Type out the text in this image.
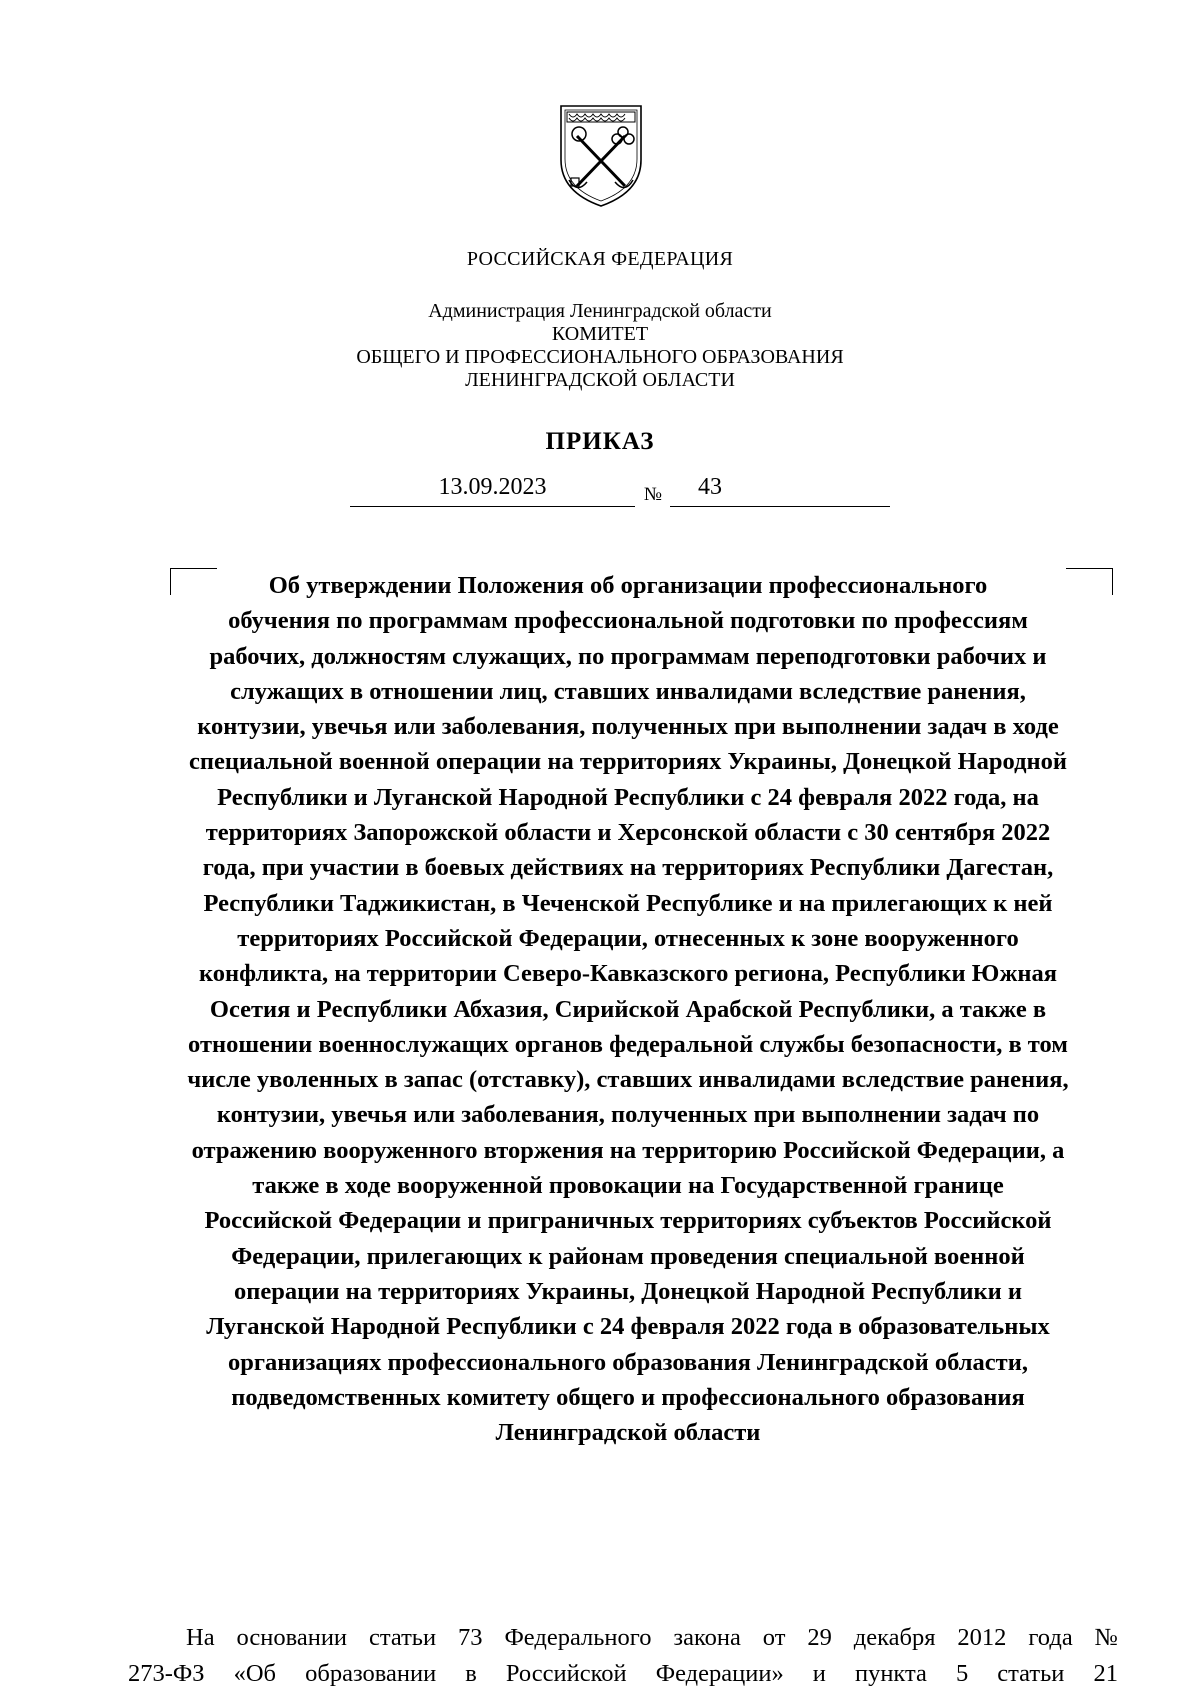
РОССИЙСКАЯ ФЕДЕРАЦИЯ
Администрация Ленинградской области
КОМИТЕТ
ОБЩЕГО И ПРОФЕССИОНАЛЬНОГО ОБРАЗОВАНИЯ
ЛЕНИНГРАДСКОЙ ОБЛАСТИ
ПРИКАЗ
13.09.2023	№	43
Об утверждении Положения об организации профессионального
обучения по программам профессиональной подготовки по профессиям
рабочих, должностям служащих, по программам переподготовки рабочих и
служащих в отношении лиц, ставших инвалидами вследствие ранения,
контузии, увечья или заболевания, полученных при выполнении задач в ходе
специальной военной операции на территориях Украины, Донецкой Народной
Республики и Луганской Народной Республики с 24 февраля 2022 года, на
территориях Запорожской области и Херсонской области с 30 сентября 2022
года, при участии в боевых действиях на территориях Республики Дагестан,
Республики Таджикистан, в Чеченской Республике и на прилегающих к ней
территориях Российской Федерации, отнесенных к зоне вооруженного
конфликта, на территории Северо-Кавказского региона, Республики Южная
Осетия и Республики Абхазия, Сирийской Арабской Республики, а также в
отношении военнослужащих органов федеральной службы безопасности, в том
числе уволенных в запас (отставку), ставших инвалидами вследствие ранения,
контузии, увечья или заболевания, полученных при выполнении задач по
отражению вооруженного вторжения на территорию Российской Федерации, а
также в ходе вооруженной провокации на Государственной границе
Российской Федерации и приграничных территориях субъектов Российской
Федерации, прилегающих к районам проведения специальной военной
операции на территориях Украины, Донецкой Народной Республики и
Луганской Народной Республики с 24 февраля 2022 года в образовательных
организациях профессионального образования Ленинградской области,
подведомственных комитету общего и профессионального образования
Ленинградской области
На основании статьи 73 Федерального закона от 29 декабря 2012 года №
273-ФЗ «Об образовании в Российской Федерации» и пункта 5 статьи 21
